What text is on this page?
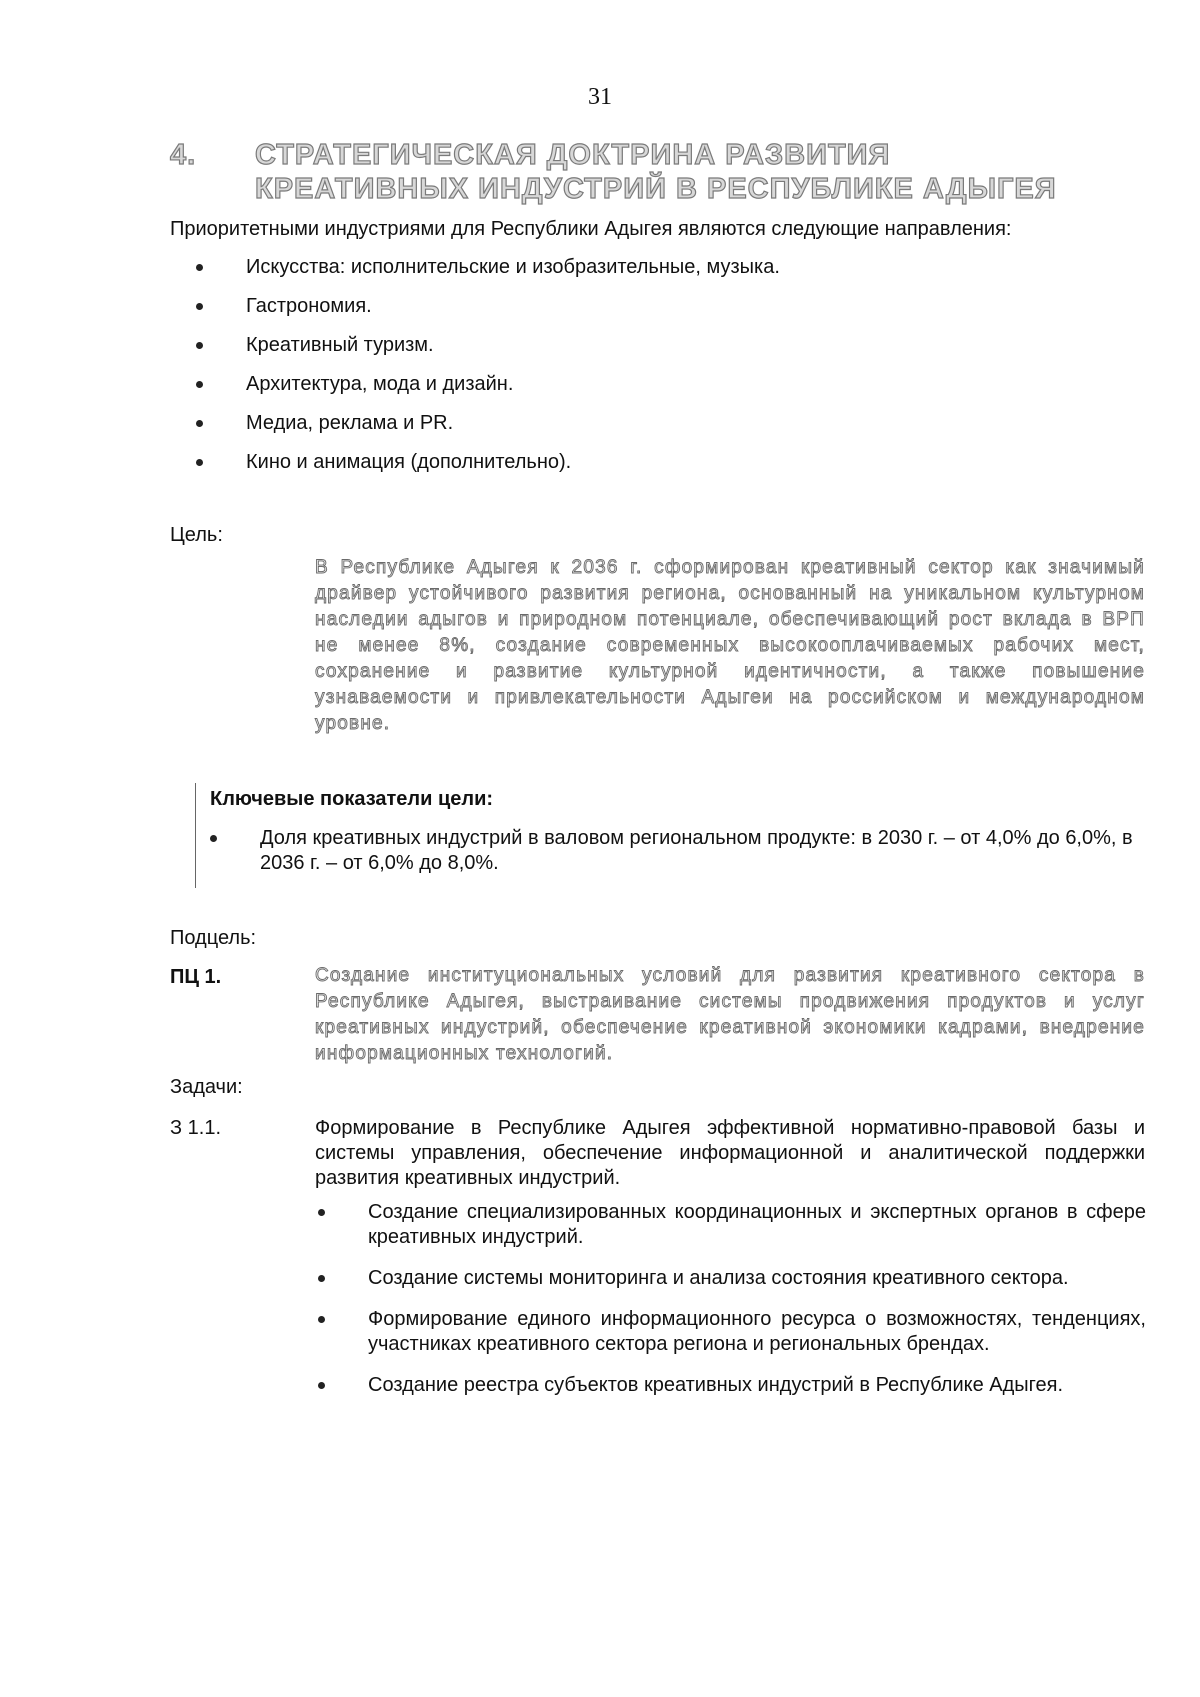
31
4. СТРАТЕГИЧЕСКАЯ ДОКТРИНА РАЗВИТИЯ КРЕАТИВНЫХ ИНДУСТРИЙ В РЕСПУБЛИКЕ АДЫГЕЯ
Приоритетными индустриями для Республики Адыгея являются следующие направления:
Искусства: исполнительские и изобразительные, музыка.
Гастрономия.
Креативный туризм.
Архитектура, мода и дизайн.
Медиа, реклама и PR.
Кино и анимация (дополнительно).
Цель:
В Республике Адыгея к 2036 г. сформирован креативный сектор как значимый драйвер устойчивого развития региона, основанный на уникальном культурном наследии адыгов и природном потенциале, обеспечивающий рост вклада в ВРП не менее 8%, создание современных высокооплачиваемых рабочих мест, сохранение и развитие культурной идентичности, а также повышение узнаваемости и привлекательности Адыгеи на российском и международном уровне.
Ключевые показатели цели:
Доля креативных индустрий в валовом региональном продукте: в 2030 г. – от 4,0% до 6,0%, в 2036 г. – от 6,0% до 8,0%.
Подцель:
ПЦ 1.	Создание институциональных условий для развития креативного сектора в Республике Адыгея, выстраивание системы продвижения продуктов и услуг креативных индустрий, обеспечение креативной экономики кадрами, внедрение информационных технологий.
Задачи:
З 1.1.	Формирование в Республике Адыгея эффективной нормативно-правовой базы и системы управления, обеспечение информационной и аналитической поддержки развития креативных индустрий.
Создание специализированных координационных и экспертных органов в сфере креативных индустрий.
Создание системы мониторинга и анализа состояния креативного сектора.
Формирование единого информационного ресурса о возможностях, тенденциях, участниках креативного сектора региона и региональных брендах.
Создание реестра субъектов креативных индустрий в Республике Адыгея.
